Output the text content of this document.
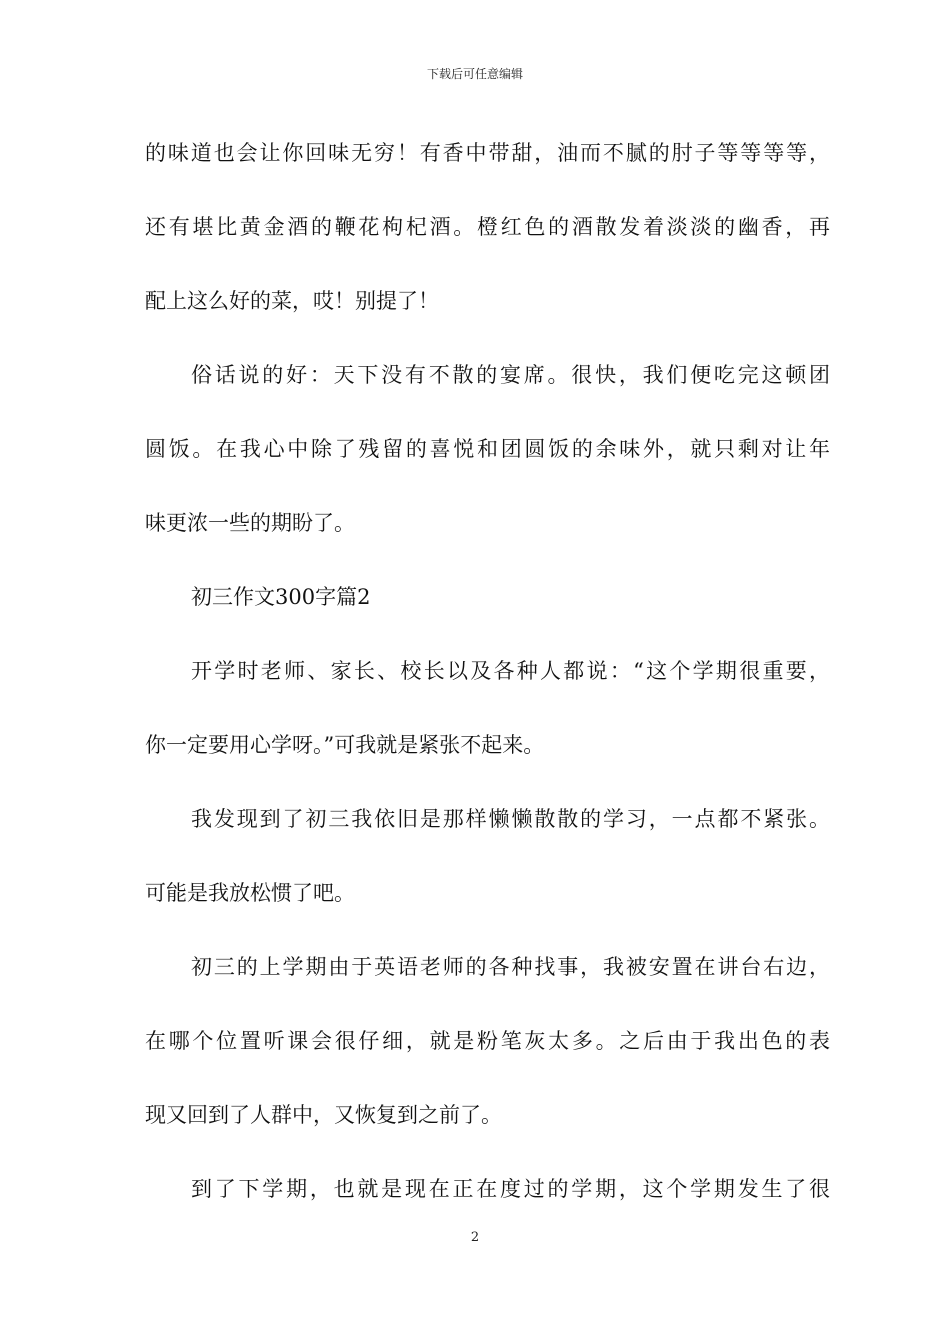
下载后可任意编辑
的味道也会让你回味无穷！有香中带甜，油而不腻的肘子等等等等，
还有堪比黄金酒的鞭花枸杞酒。橙红色的酒散发着淡淡的幽香，再
配上这么好的菜，哎！别提了！
俗话说的好：天下没有不散的宴席。很快，我们便吃完这顿团
圆饭。在我心中除了残留的喜悦和团圆饭的余味外，就只剩对让年
味更浓一些的期盼了。
初三作文300字篇2
开学时老师、家长、校长以及各种人都说：“这个学期很重要，
你一定要用心学呀。”可我就是紧张不起来。
我发现到了初三我依旧是那样懒懒散散的学习，一点都不紧张。
可能是我放松惯了吧。
初三的上学期由于英语老师的各种找事，我被安置在讲台右边，
在哪个位置听课会很仔细，就是粉笔灰太多。之后由于我出色的表
现又回到了人群中，又恢复到之前了。
到了下学期，也就是现在正在度过的学期，这个学期发生了很
2
